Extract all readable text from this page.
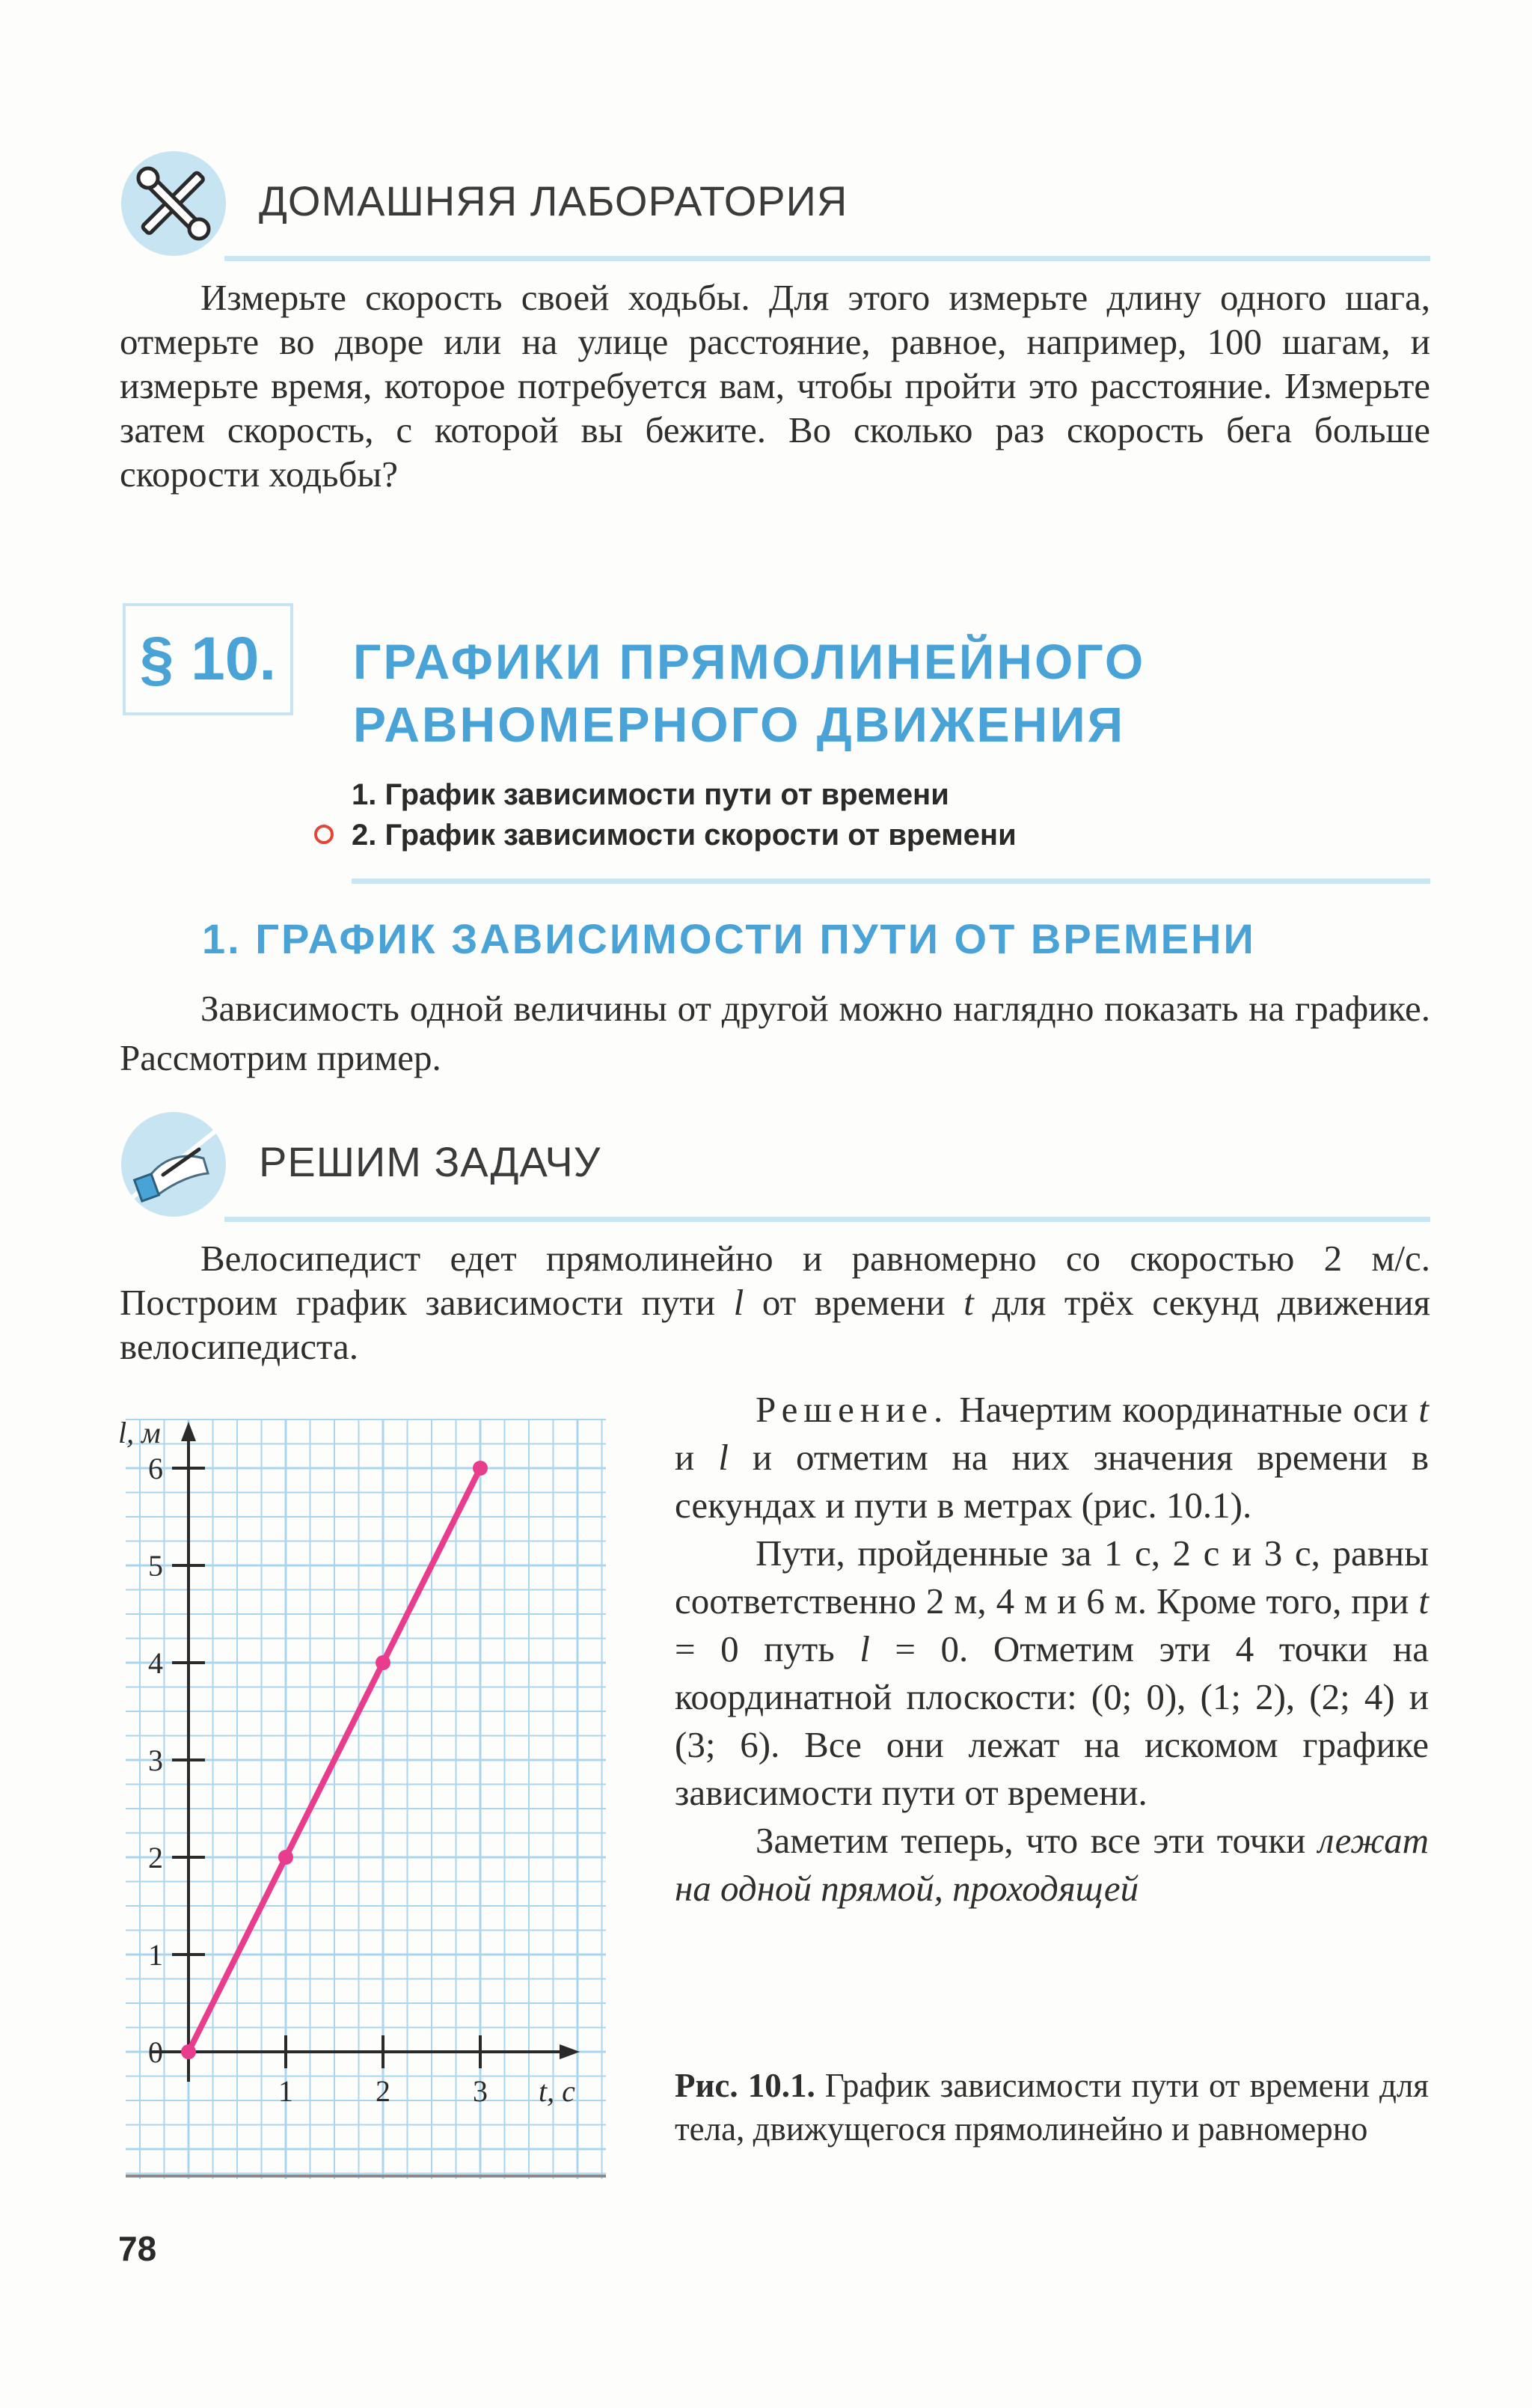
ДОМАШНЯЯ ЛАБОРАТОРИЯ

Измерьте скорость своей ходьбы. Для этого измерьте длину одного шага, отмерьте во дворе или на улице расстояние, равное, например, 100 шагам, и измерьте время, которое потребуется вам, чтобы пройти это расстояние. Измерьте затем скорость, с которой вы бежите. Во сколько раз скорость бега больше скорости ходьбы?

§ 10.	ГРАФИКИ ПРЯМОЛИНЕЙНОГО
РАВНОМЕРНОГО ДВИЖЕНИЯ
1. График зависимости пути от времени
2. График зависимости скорости от времени
1. ГРАФИК ЗАВИСИМОСТИ ПУТИ ОТ ВРЕМЕНИ

Зависимость одной величины от другой можно наглядно показать на графике. Рассмотрим пример.

РЕШИМ ЗАДАЧУ

Велосипедист едет прямолинейно и равномерно со скоростью 2 м/с. Построим график зависимости пути l от времени t для трёх секунд движения велосипедиста.

0
1
2
3
4
5
6
1	2	3
l, м
t, с

Решение. Начертим координатные оси t и l и отметим на них значения времени в секундах и пути в метрах (рис. 10.1).

Пути, пройденные за 1 с, 2 с и 3 с, равны соответственно 2 м, 4 м и 6 м. Кроме того, при t = 0 путь l = 0. Отметим эти 4 точки на координатной плоскости: (0; 0), (1; 2), (2; 4) и (3; 6). Все они лежат на искомом графике зависимости пути от времени.

Заметим теперь, что все эти точки лежат на одной прямой, проходящей

Рис. 10.1. График зависимости пути от времени для тела, движущегося прямолинейно и равномерно
78
